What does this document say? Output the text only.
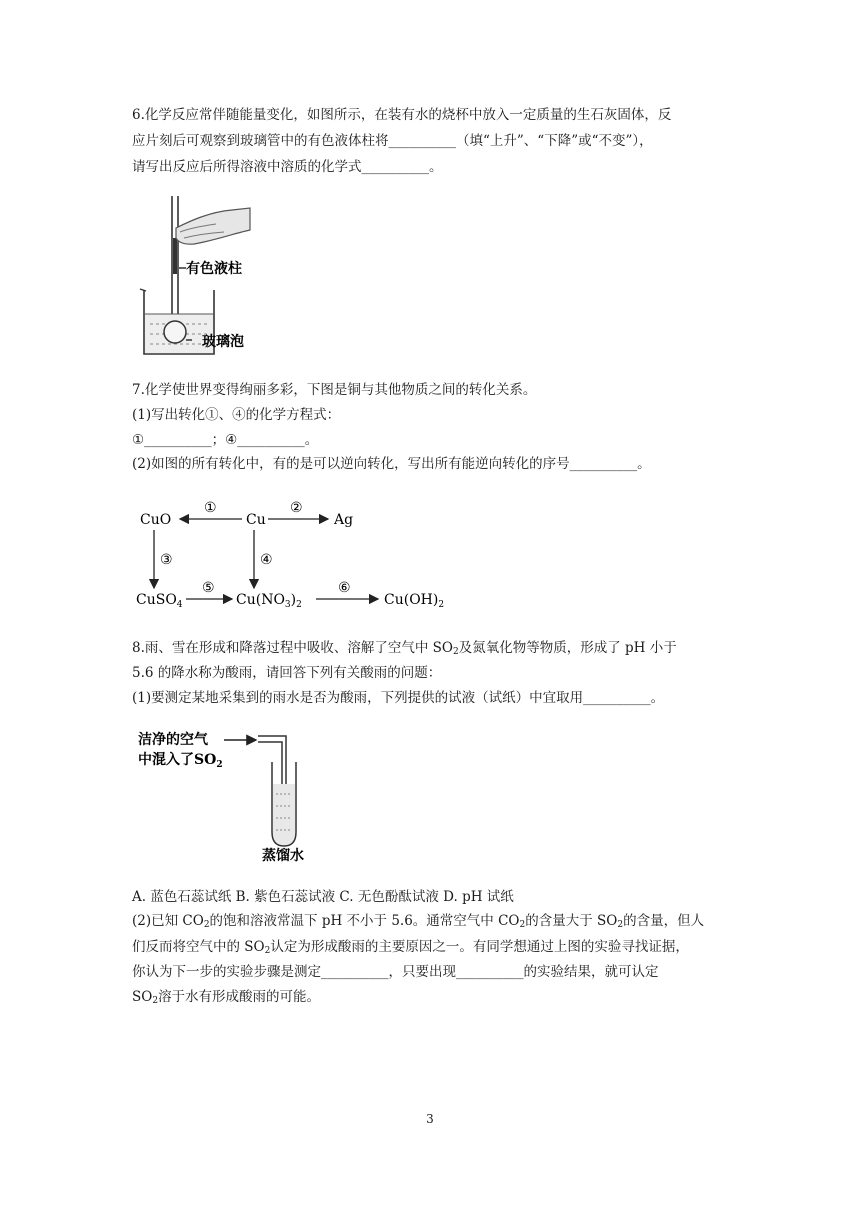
6.化学反应常伴随能量变化，如图所示，在装有水的烧杯中放入一定质量的生石灰固体，反
应片刻后可观察到玻璃管中的有色液体柱将__________（填“上升”、“下降”或“不变”），
请写出反应后所得溶液中溶质的化学式__________。
有色液柱
玻璃泡
7.化学使世界变得绚丽多彩，下图是铜与其他物质之间的转化关系。
(1)写出转化①、④的化学方程式：
①__________；④__________。
(2)如图的所有转化中，有的是可以逆向转化，写出所有能逆向转化的序号__________。
CuO	Cu	Ag
CuSO$_4$	$Cu(NO_3)_2$	$Cu(OH)_2$
①	②
③	④
⑤	⑥
8.雨、雪在形成和降落过程中吸收、溶解了空气中 $SO_2$及氮氧化物等物质，形成了 pH 小于
5.6 的降水称为酸雨，请回答下列有关酸雨的问题：
(1)要测定某地采集到的雨水是否为酸雨，下列提供的试液（试纸）中宜取用__________。
洁净的空气
中混入了$SO_2$
蒸馏水
A. 蓝色石蕊试纸 B. 紫色石蕊试液 C. 无色酚酞试液 D. pH 试纸
(2)已知 $CO_2$的饱和溶液常温下 pH 不小于 5.6。通常空气中 $CO_2$的含量大于 $SO_2$的含量，但人
们反而将空气中的 $SO_2$认定为形成酸雨的主要原因之一。有同学想通过上图的实验寻找证据，
你认为下一步的实验步骤是测定__________，只要出现__________的实验结果，就可认定
$SO_2$溶于水有形成酸雨的可能。
3
